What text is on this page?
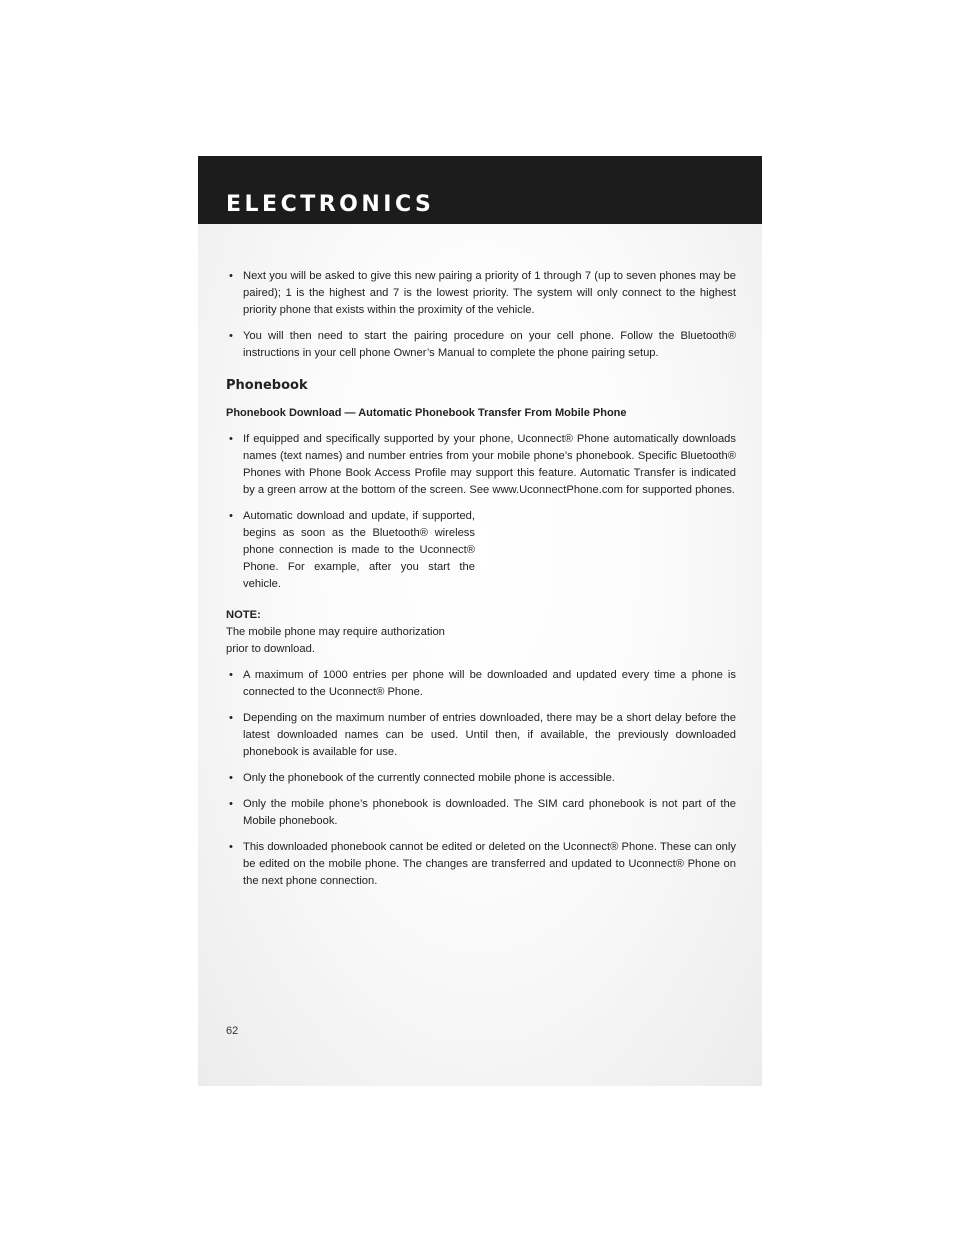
ELECTRONICS

• Next you will be asked to give this new pairing a priority of 1 through 7 (up to seven phones may be paired); 1 is the highest and 7 is the lowest priority. The system will only connect to the highest priority phone that exists within the proximity of the vehicle.

• You will then need to start the pairing procedure on your cell phone. Follow the Bluetooth® instructions in your cell phone Owner’s Manual to complete the phone pairing setup.

Phonebook
Phonebook Download — Automatic Phonebook Transfer From Mobile Phone

• If equipped and specifically supported by your phone, Uconnect® Phone automatically downloads names (text names) and number entries from your mobile phone’s phonebook. Specific Bluetooth® Phones with Phone Book Access Profile may support this feature. Automatic Transfer is indicated by a green arrow at the bottom of the screen. See www.UconnectPhone.com for supported phones.

• Automatic download and update, if supported, begins as soon as the Bluetooth® wireless phone connection is made to the Uconnect® Phone. For example, after you start the vehicle.

NOTE:

The mobile phone may require authorization prior to download.

• A maximum of 1000 entries per phone will be downloaded and updated every time a phone is connected to the Uconnect® Phone.

• Depending on the maximum number of entries downloaded, there may be a short delay before the latest downloaded names can be used. Until then, if available, the previously downloaded phonebook is available for use.

• Only the phonebook of the currently connected mobile phone is accessible.

• Only the mobile phone’s phonebook is downloaded. The SIM card phonebook is not part of the Mobile phonebook.

• This downloaded phonebook cannot be edited or deleted on the Uconnect® Phone. These can only be edited on the mobile phone. The changes are transferred and updated to Uconnect® Phone on the next phone connection.

62
